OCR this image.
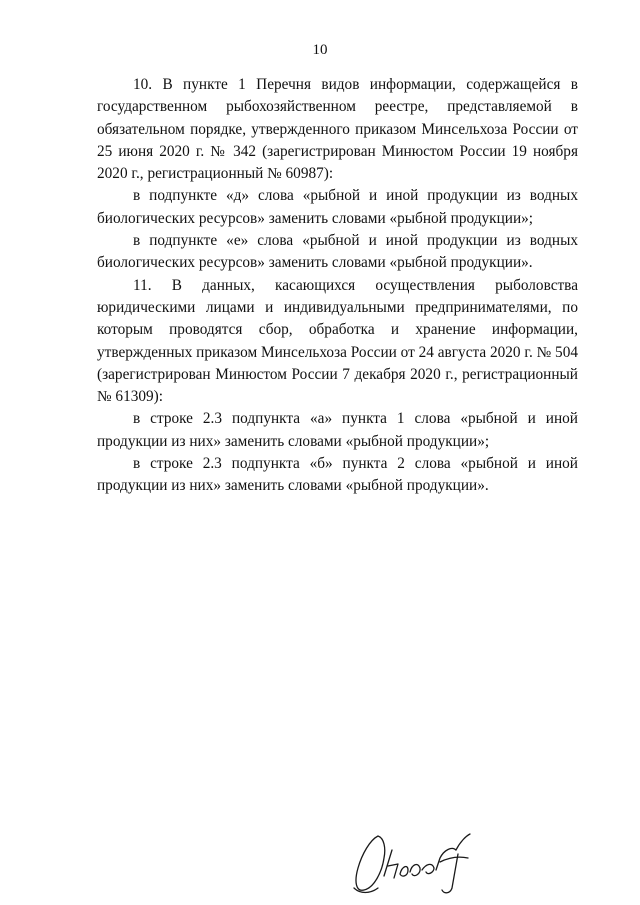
10

10. В пункте 1 Перечня видов информации, содержащейся в государственном рыбохозяйственном реестре, представляемой в обязательном порядке, утвержденного приказом Минсельхоза России от 25 июня 2020 г. № 342 (зарегистрирован Минюстом России 19 ноября 2020 г., регистрационный № 60987):

в подпункте «д» слова «рыбной и иной продукции из водных биологических ресурсов» заменить словами «рыбной продукции»;

в подпункте «е» слова «рыбной и иной продукции из водных биологических ресурсов» заменить словами «рыбной продукции».

11. В данных, касающихся осуществления рыболовства юридическими лицами и индивидуальными предпринимателями, по которым проводятся сбор, обработка и хранение информации, утвержденных приказом Минсельхоза России от 24 августа 2020 г. № 504 (зарегистрирован Минюстом России 7 декабря 2020 г., регистрационный № 61309):

в строке 2.3 подпункта «а» пункта 1 слова «рыбной и иной продукции из них» заменить словами «рыбной продукции»;

в строке 2.3 подпункта «б» пункта 2 слова «рыбной и иной продукции из них» заменить словами «рыбной продукции».
